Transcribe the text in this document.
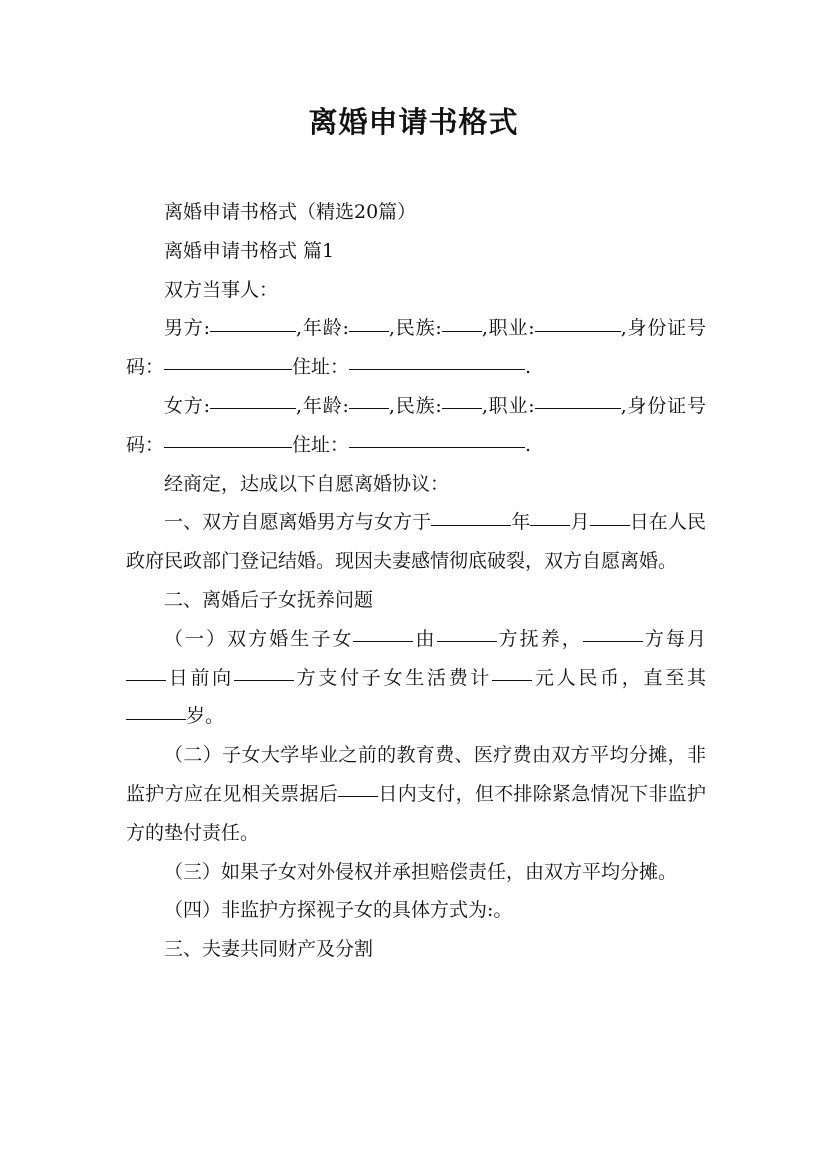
离婚申请书格式

离婚申请书格式（精选20篇）

离婚申请书格式 篇1

双方当事人：

男方:	,年龄: ,民族: ,职业:	,身份证号码：	住址：	.

女方:	,年龄: ,民族: ,职业:	,身份证号码：	住址：	.

经商定，达成以下自愿离婚协议：

一、双方自愿离婚男方与女方于	年 月 日在人民政府民政部门登记结婚。现因夫妻感情彻底破裂，双方自愿离婚。

二、离婚后子女抚养问题

（一）双方婚生子女	由	方抚养，	方每月日前向	方支付子女生活费计 元人民币，直至其岁。

（二）子女大学毕业之前的教育费、医疗费由双方平均分摊，非监护方应在见相关票据后 日内支付，但不排除紧急情况下非监护方的垫付责任。

（三）如果子女对外侵权并承担赔偿责任，由双方平均分摊。

（四）非监护方探视子女的具体方式为:。

三、夫妻共同财产及分割
